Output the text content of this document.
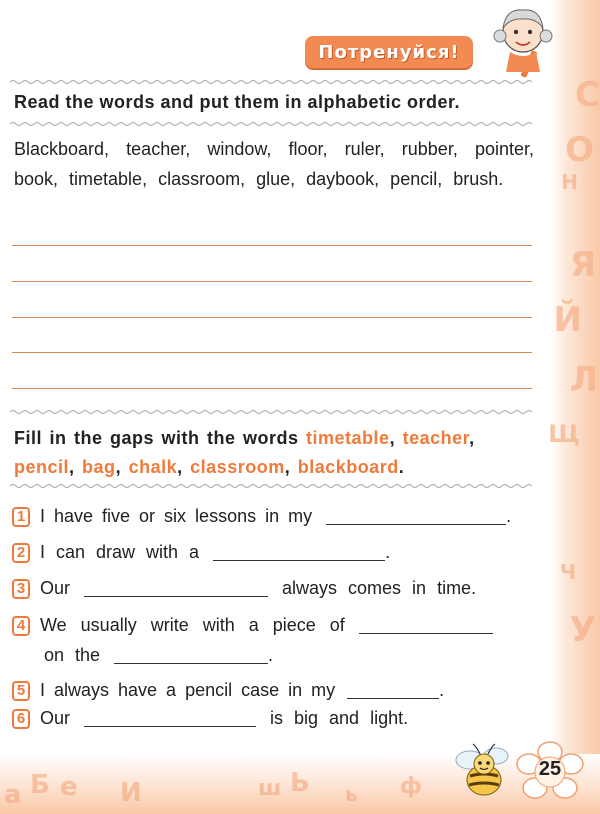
С
О
Н
Я
Й
Л
Щ
Ч
У
а Б е И	ш Ь	ф
ь
Потренуйся!
Read the words and put them in alphabetic order.
Blackboard, teacher, window, floor, ruler, rubber, pointer, book, timetable, classroom, glue, daybook, pencil, brush.
Fill in the gaps with the words timetable, teacher,
pencil, bag, chalk, classroom, blackboard.
1 I have five or six lessons in my	.
2 I can draw with a	.
3 Our	always comes in time.
4 We usually write with a piece of
on the	.
5 I always have a pencil case in my	.
6 Our	is big and light.
25
